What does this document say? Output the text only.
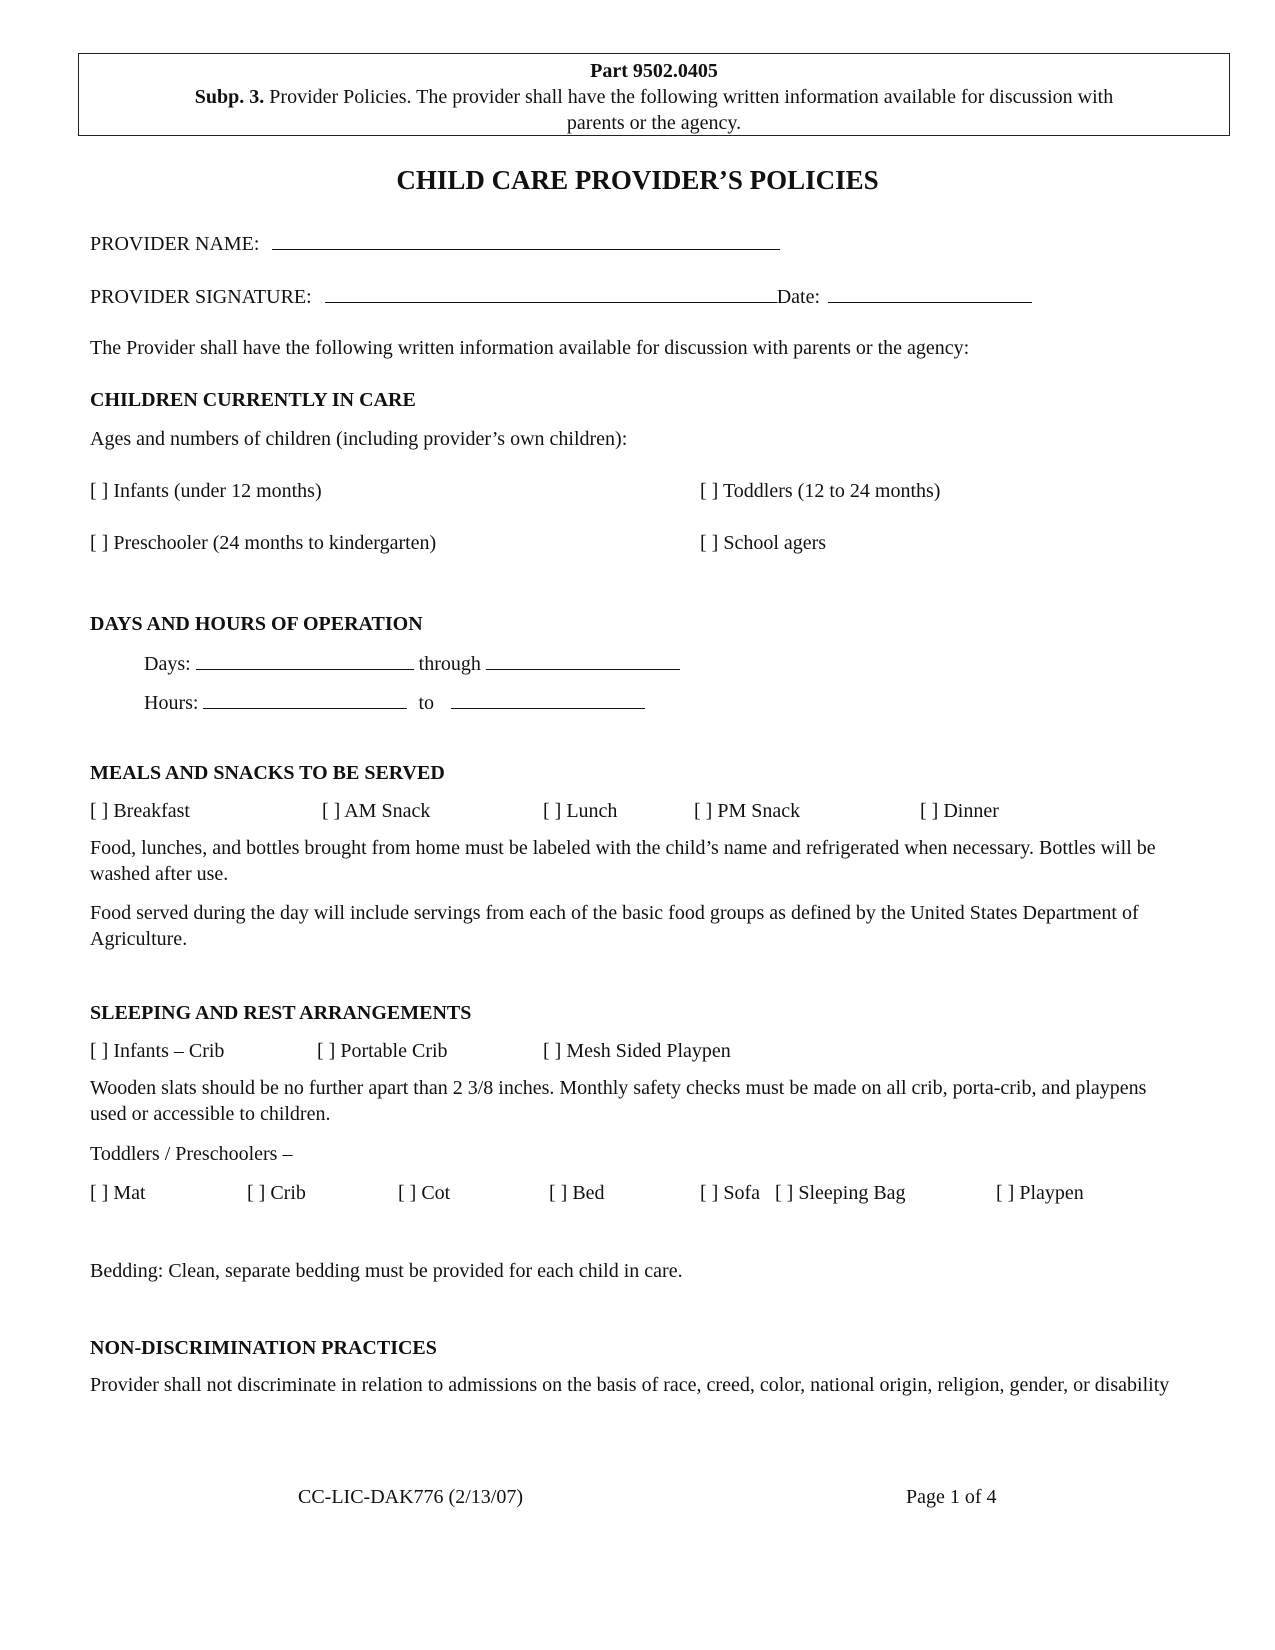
Part 9502.0405
Subp. 3. Provider Policies. The provider shall have the following written information available for discussion with
parents or the agency.
CHILD CARE PROVIDER’S POLICIES
PROVIDER NAME:
PROVIDER SIGNATURE:	Date:
The Provider shall have the following written information available for discussion with parents or the agency:
CHILDREN CURRENTLY IN CARE
Ages and numbers of children (including provider’s own children):
[ ] Infants (under 12 months)	[ ] Toddlers (12 to 24 months)
[ ] Preschooler (24 months to kindergarten)	[ ] School agers
DAYS AND HOURS OF OPERATION
Days:	through
Hours:	to
MEALS AND SNACKS TO BE SERVED
[ ] Breakfast	[ ] AM Snack	[ ] Lunch	[ ] PM Snack	[ ] Dinner
Food, lunches, and bottles brought from home must be labeled with the child’s name and refrigerated when necessary. Bottles will be washed after use.
Food served during the day will include servings from each of the basic food groups as defined by the United States Department of Agriculture.
SLEEPING AND REST ARRANGEMENTS
[ ] Infants – Crib	[ ] Portable Crib	[ ] Mesh Sided Playpen
Wooden slats should be no further apart than 2 3/8 inches. Monthly safety checks must be made on all crib, porta-crib, and playpens used or accessible to children.
Toddlers / Preschoolers –
[ ] Mat	[ ] Crib	[ ] Cot	[ ] Bed	[ ] Sofa [ ] Sleeping Bag	[ ] Playpen
Bedding: Clean, separate bedding must be provided for each child in care.
NON-DISCRIMINATION PRACTICES
Provider shall not discriminate in relation to admissions on the basis of race, creed, color, national origin, religion, gender, or disability
CC-LIC-DAK776 (2/13/07)	Page 1 of 4
